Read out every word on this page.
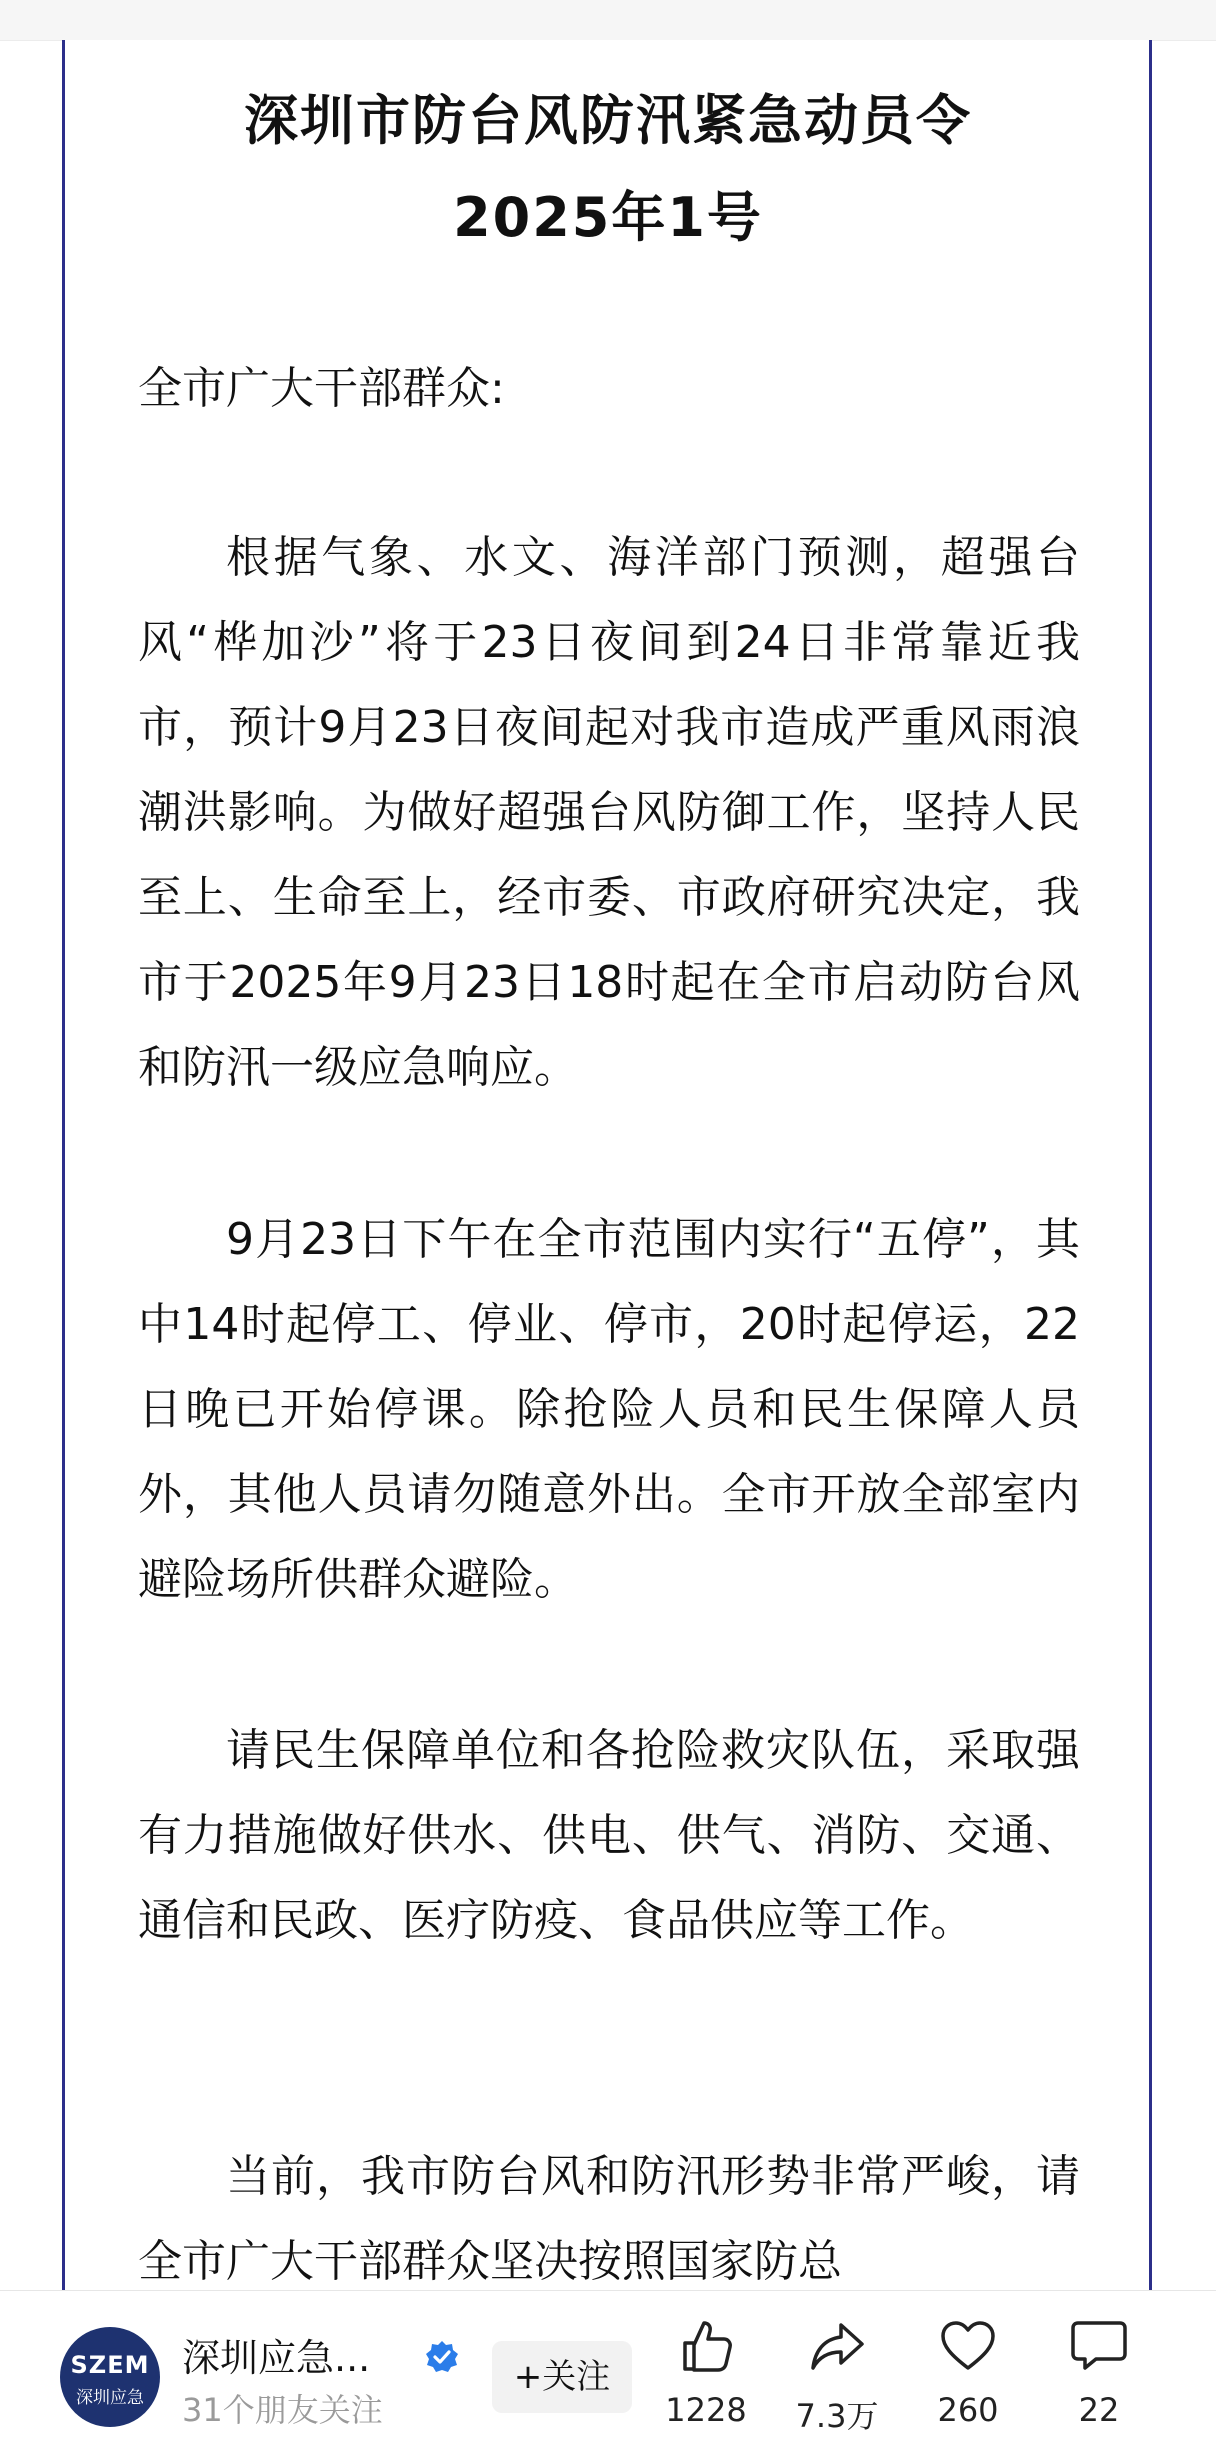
深圳市防台风防汛紧急动员令
2025年1号
全市广大干部群众:

根据气象、水文、海洋部门预测，超强台风“桦加沙”将于23日夜间到24日非常靠近我市，预计9月23日夜间起对我市造成严重风雨浪潮洪影响。为做好超强台风防御工作，坚持人民至上、生命至上，经市委、市政府研究决定，我市于2025年9月23日18时起在全市启动防台风和防汛一级应急响应。

9月23日下午在全市范围内实行“五停”，其中14时起停工、停业、停市，20时起停运，22日晚已开始停课。除抢险人员和民生保障人员外，其他人员请勿随意外出。全市开放全部室内避险场所供群众避险。

请民生保障单位和各抢险救灾队伍，采取强有力措施做好供水、供电、供气、消防、交通、通信和民政、医疗防疫、食品供应等工作。

当前，我市防台风和防汛形势非常严峻，请全市广大干部群众坚决按照国家防总

SZEM
深圳应急
深圳应急...
31个朋友关注
+关注
1228	7.3万	260	22
